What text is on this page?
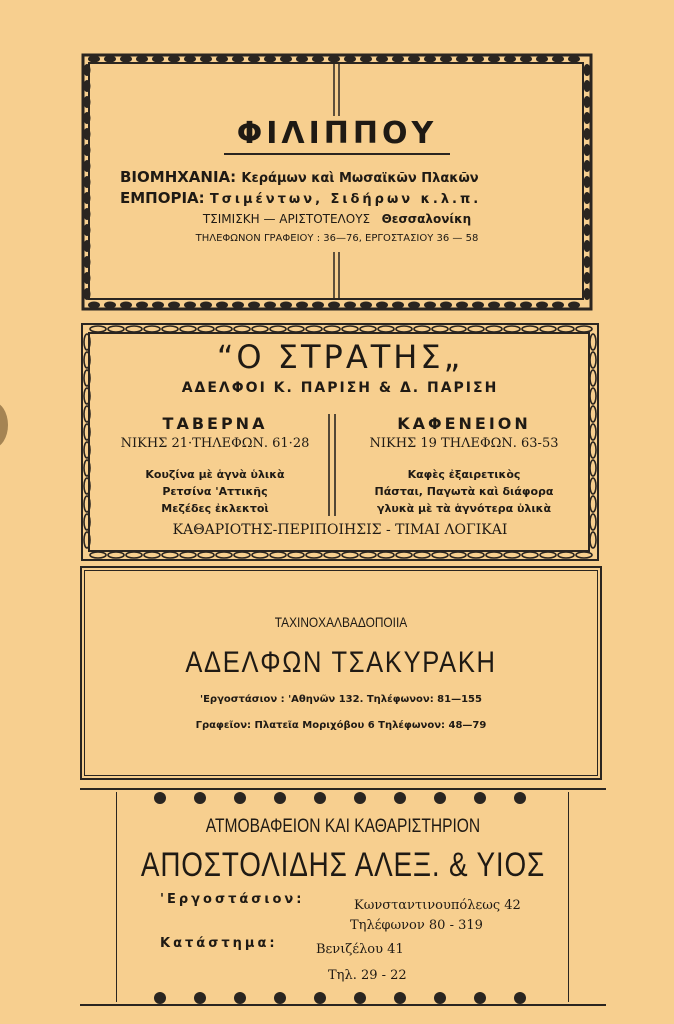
ΦΙΛΙΠΠΟΥ
ΒΙΟΜΗΧΑΝΙΑ: Κεράμων καὶ Μωσαϊκῶν Πλακῶν
ΕΜΠΟΡΙΑ: Τσιμέντων, Σιδήρων κ.λ.π.
ΤΣΙΜΙΣΚΗ — ΑΡΙΣΤΟΤΕΛΟΥΣ Θεσσαλονίκη
ΤΗΛΕΦΩΝΟΝ ΓΡΑΦΕΙΟΥ : 36—76, ΕΡΓΟΣΤΑΣΙΟΥ 36 — 58
“Ο ΣΤΡΑΤΗΣ„
ΑΔΕΛΦΟΙ Κ. ΠΑΡΙΣΗ & Δ. ΠΑΡΙΣΗ
ΤΑΒΕΡΝΑ
ΝΙΚΗΣ 21·ΤΗΛΕΦΩΝ. 61·28
Κουζίνα μὲ ἁγνὰ ὑλικὰ
Ρετσίνα 'Αττικῆς
Μεζέδες ἐκλεκτοὶ
ΚΑΦΕΝΕΙΟΝ
ΝΙΚΗΣ 19 ΤΗΛΕΦΩΝ. 63-53
Καφὲς ἐξαιρετικὸς
Πάσται, Παγωτὰ καὶ διάφορα
γλυκὰ μὲ τὰ ἁγνότερα ὑλικὰ
ΚΑΘΑΡΙΟΤΗΣ-ΠΕΡΙΠΟΙΗΣΙΣ - ΤΙΜΑΙ ΛΟΓΙΚΑΙ
ΤΑΧΙΝΟΧΑΛΒΑΔΟΠΟΙΙΑ
ΑΔΕΛΦΩΝ ΤΣΑΚΥΡΑΚΗ
'Εργοστάσιον : 'Αθηνῶν 132. Τηλέφωνον: 81—155
Γραφεῖον: Πλατεῖα Μοριχόβου 6 Τηλέφωνον: 48—79
ΑΤΜΟΒΑΦΕΙΟΝ ΚΑΙ ΚΑΘΑΡΙΣΤΗΡΙΟΝ
ΑΠΟΣΤΟΛΙΔΗΣ ΑΛΕΞ. & ΥΙΟΣ
'Εργοστάσιον:	Κωνσταντινουπόλεως 42
Τηλέφωνον 80 - 319
Κατάστημα:	Βενιζέλου 41
Τηλ. 29 - 22
